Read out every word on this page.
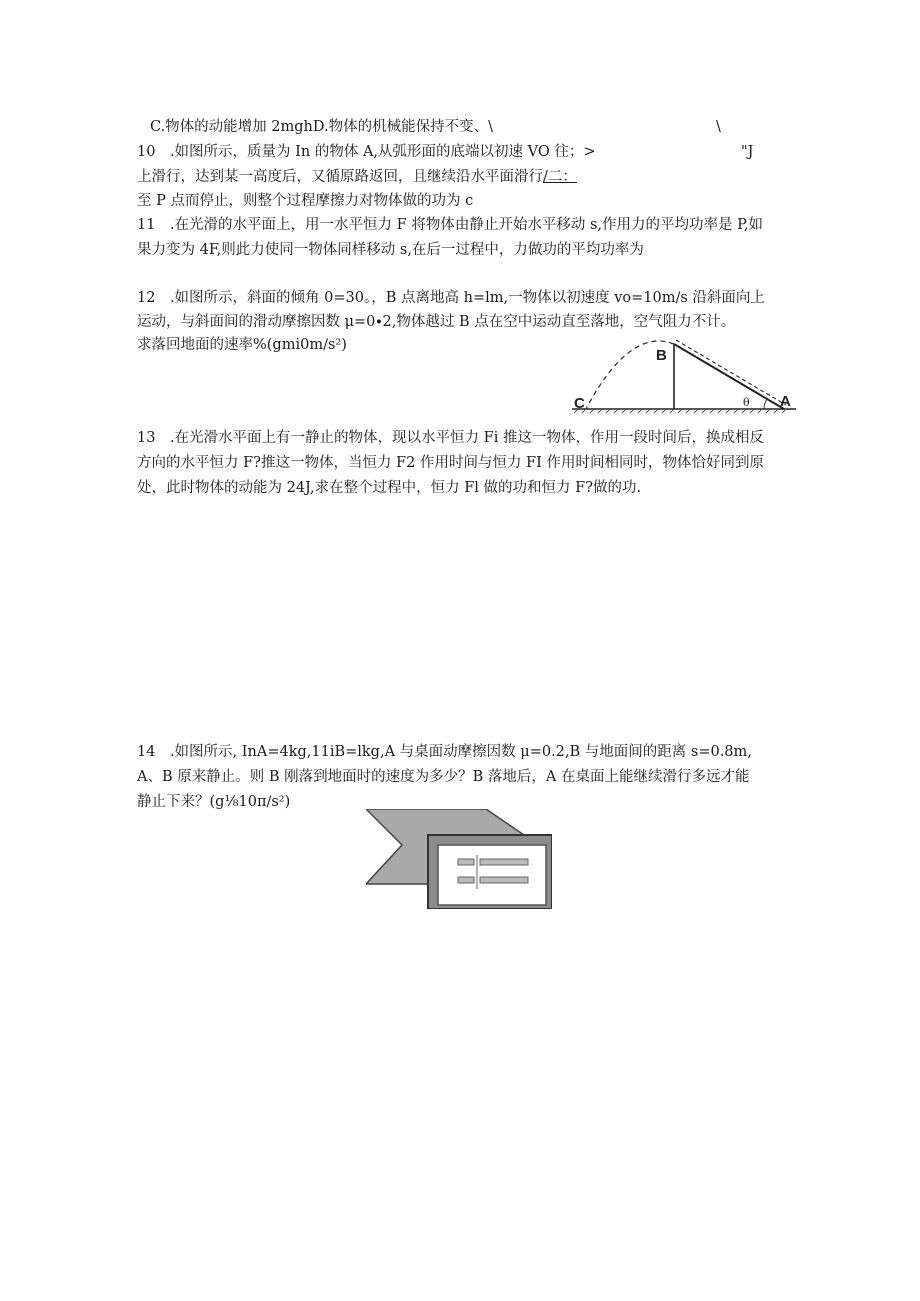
C.物体的动能增加 2mghD.物体的机械能保持不变、\	\
10　.如图所示，质量为 In 的物体 A,从弧形面的底端以初速 VO 往；>	"J
上滑行，达到某一高度后，又循原路返回，且继续沿水平面滑行/二：
至 P 点而停止，则整个过程摩擦力对物体做的功为 c
11　.在光滑的水平面上，用一水平恒力 F 将物体由静止开始水平移动 s,作用力的平均功率是 P,如
果力变为 4F,则此力使同一物体同样移动 s,在后一过程中，力做功的平均功率为
12　.如图所示，斜面的倾角 0=30。，B 点离地高 h=lm,一物体以初速度 vo=10m∕s 沿斜面向上
运动，与斜面间的滑动摩擦因数 μ=0∙2,物体越过 B 点在空中运动直至落地，空气阻力不计。
求落回地面的速率%(gmi0m∕s²)
B
C	A
θ
13　.在光滑水平面上有一静止的物体，现以水平恒力 Fi 推这一物体，作用一段时间后，换成相反
方向的水平恒力 F?推这一物体，当恒力 F2 作用时间与恒力 FI 作用时间相同时，物体恰好同到原
处，此时物体的动能为 24J,求在整个过程中，恒力 Fl 做的功和恒力 F?做的功.
14　.如图所示, InA=4kg,11iB=lkg,A 与桌面动摩擦因数 μ=0.2,B 与地面间的距离 s=0.8m,
A、B 原来静止。则 B 刚落到地面时的速度为多少？B 落地后，A 在桌面上能继续滑行多远才能
静止下来？(g⅛10π∕s²)
